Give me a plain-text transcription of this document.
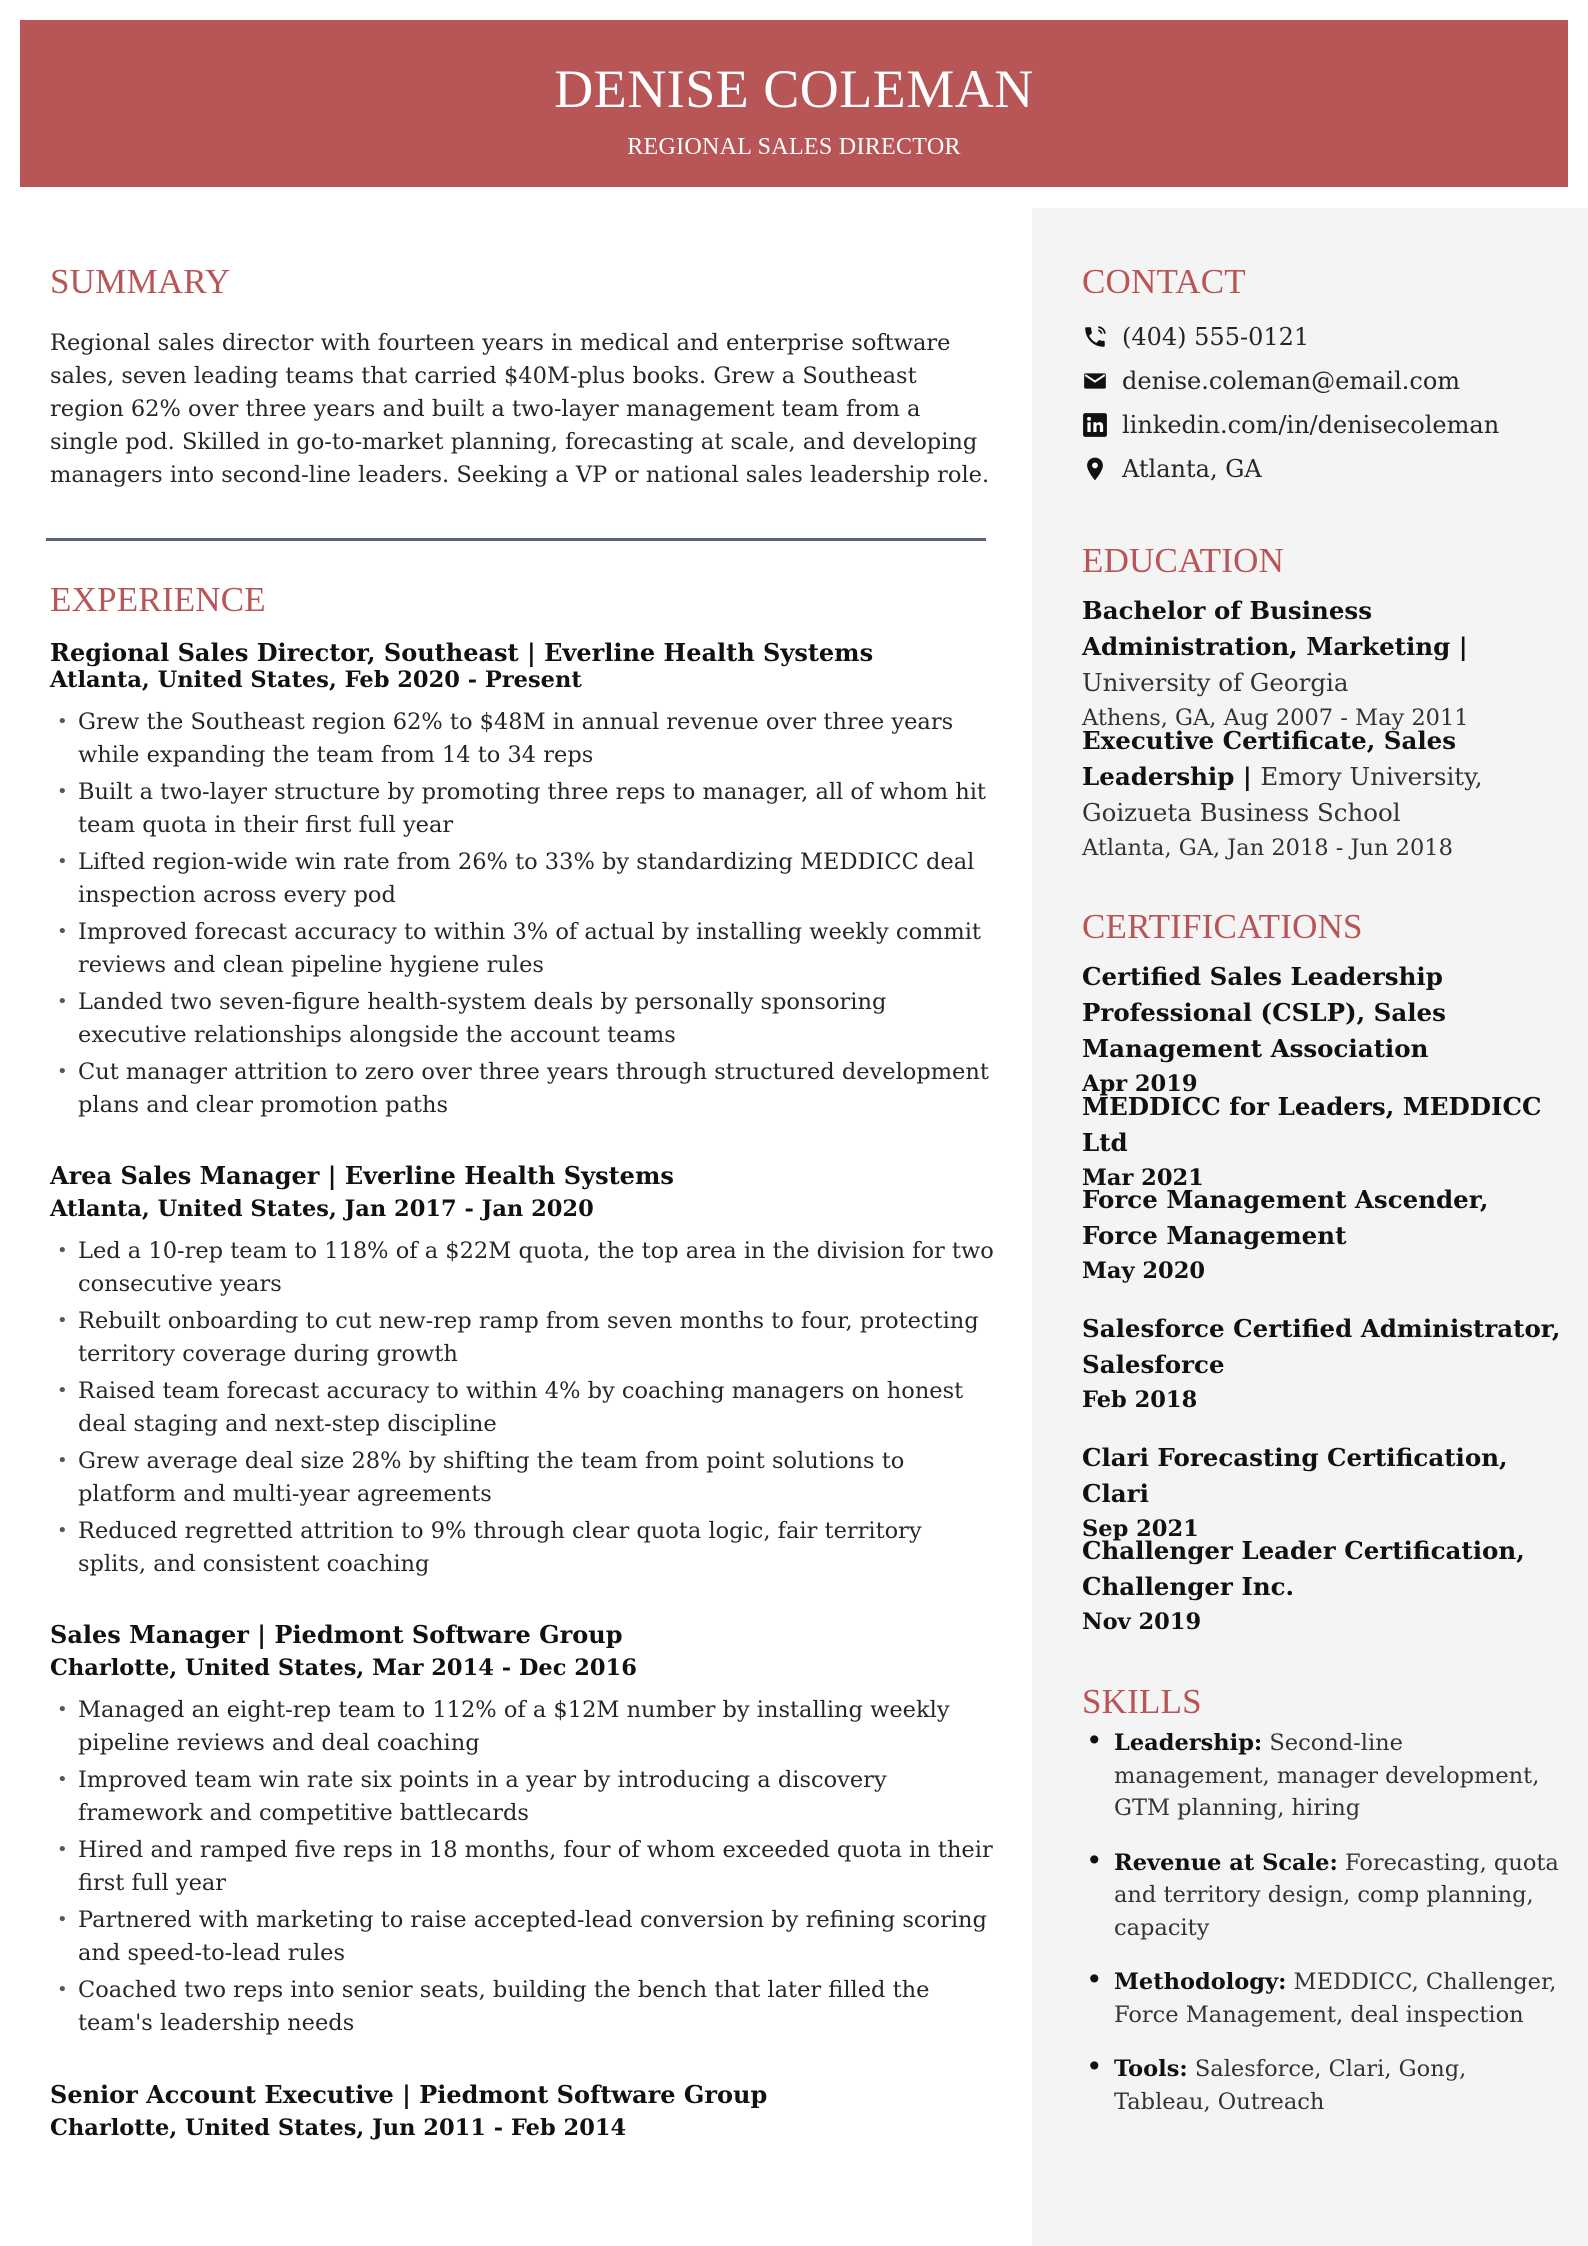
DENISE COLEMAN
REGIONAL SALES DIRECTOR
SUMMARY
Regional sales director with fourteen years in medical and enterprise software sales, seven leading teams that carried $40M-plus books. Grew a Southeast region 62% over three years and built a two-layer management team from a single pod. Skilled in go-to-market planning, forecasting at scale, and developing managers into second-line leaders. Seeking a VP or national sales leadership role.
EXPERIENCE
Regional Sales Director, Southeast | Everline Health Systems
Atlanta, United States, Feb 2020 - Present
• Grew the Southeast region 62% to $48M in annual revenue over three years while expanding the team from 14 to 34 reps
• Built a two-layer structure by promoting three reps to manager, all of whom hit team quota in their first full year
• Lifted region-wide win rate from 26% to 33% by standardizing MEDDICC deal inspection across every pod
• Improved forecast accuracy to within 3% of actual by installing weekly commit reviews and clean pipeline hygiene rules
• Landed two seven-figure health-system deals by personally sponsoring executive relationships alongside the account teams
• Cut manager attrition to zero over three years through structured development plans and clear promotion paths
Area Sales Manager | Everline Health Systems
Atlanta, United States, Jan 2017 - Jan 2020
• Led a 10-rep team to 118% of a $22M quota, the top area in the division for two consecutive years
• Rebuilt onboarding to cut new-rep ramp from seven months to four, protecting territory coverage during growth
• Raised team forecast accuracy to within 4% by coaching managers on honest deal staging and next-step discipline
• Grew average deal size 28% by shifting the team from point solutions to platform and multi-year agreements
• Reduced regretted attrition to 9% through clear quota logic, fair territory splits, and consistent coaching
Sales Manager | Piedmont Software Group
Charlotte, United States, Mar 2014 - Dec 2016
• Managed an eight-rep team to 112% of a $12M number by installing weekly pipeline reviews and deal coaching
• Improved team win rate six points in a year by introducing a discovery framework and competitive battlecards
• Hired and ramped five reps in 18 months, four of whom exceeded quota in their first full year
• Partnered with marketing to raise accepted-lead conversion by refining scoring and speed-to-lead rules
• Coached two reps into senior seats, building the bench that later filled the team's leadership needs
Senior Account Executive | Piedmont Software Group
Charlotte, United States, Jun 2011 - Feb 2014
CONTACT
(404) 555-0121
denise.coleman@email.com
linkedin.com/in/denisecoleman
Atlanta, GA
EDUCATION
Bachelor of Business Administration, Marketing | University of Georgia
Athens, GA, Aug 2007 - May 2011
Executive Certificate, Sales Leadership | Emory University, Goizueta Business School
Atlanta, GA, Jan 2018 - Jun 2018
CERTIFICATIONS
Certified Sales Leadership Professional (CSLP), Sales Management Association
Apr 2019
MEDDICC for Leaders, MEDDICC Ltd
Mar 2021
Force Management Ascender, Force Management
May 2020
Salesforce Certified Administrator, Salesforce
Feb 2018
Clari Forecasting Certification, Clari
Sep 2021
Challenger Leader Certification, Challenger Inc.
Nov 2019
SKILLS
• Leadership: Second-line management, manager development, GTM planning, hiring
• Revenue at Scale: Forecasting, quota and territory design, comp planning, capacity
• Methodology: MEDDICC, Challenger, Force Management, deal inspection
• Tools: Salesforce, Clari, Gong, Tableau, Outreach
